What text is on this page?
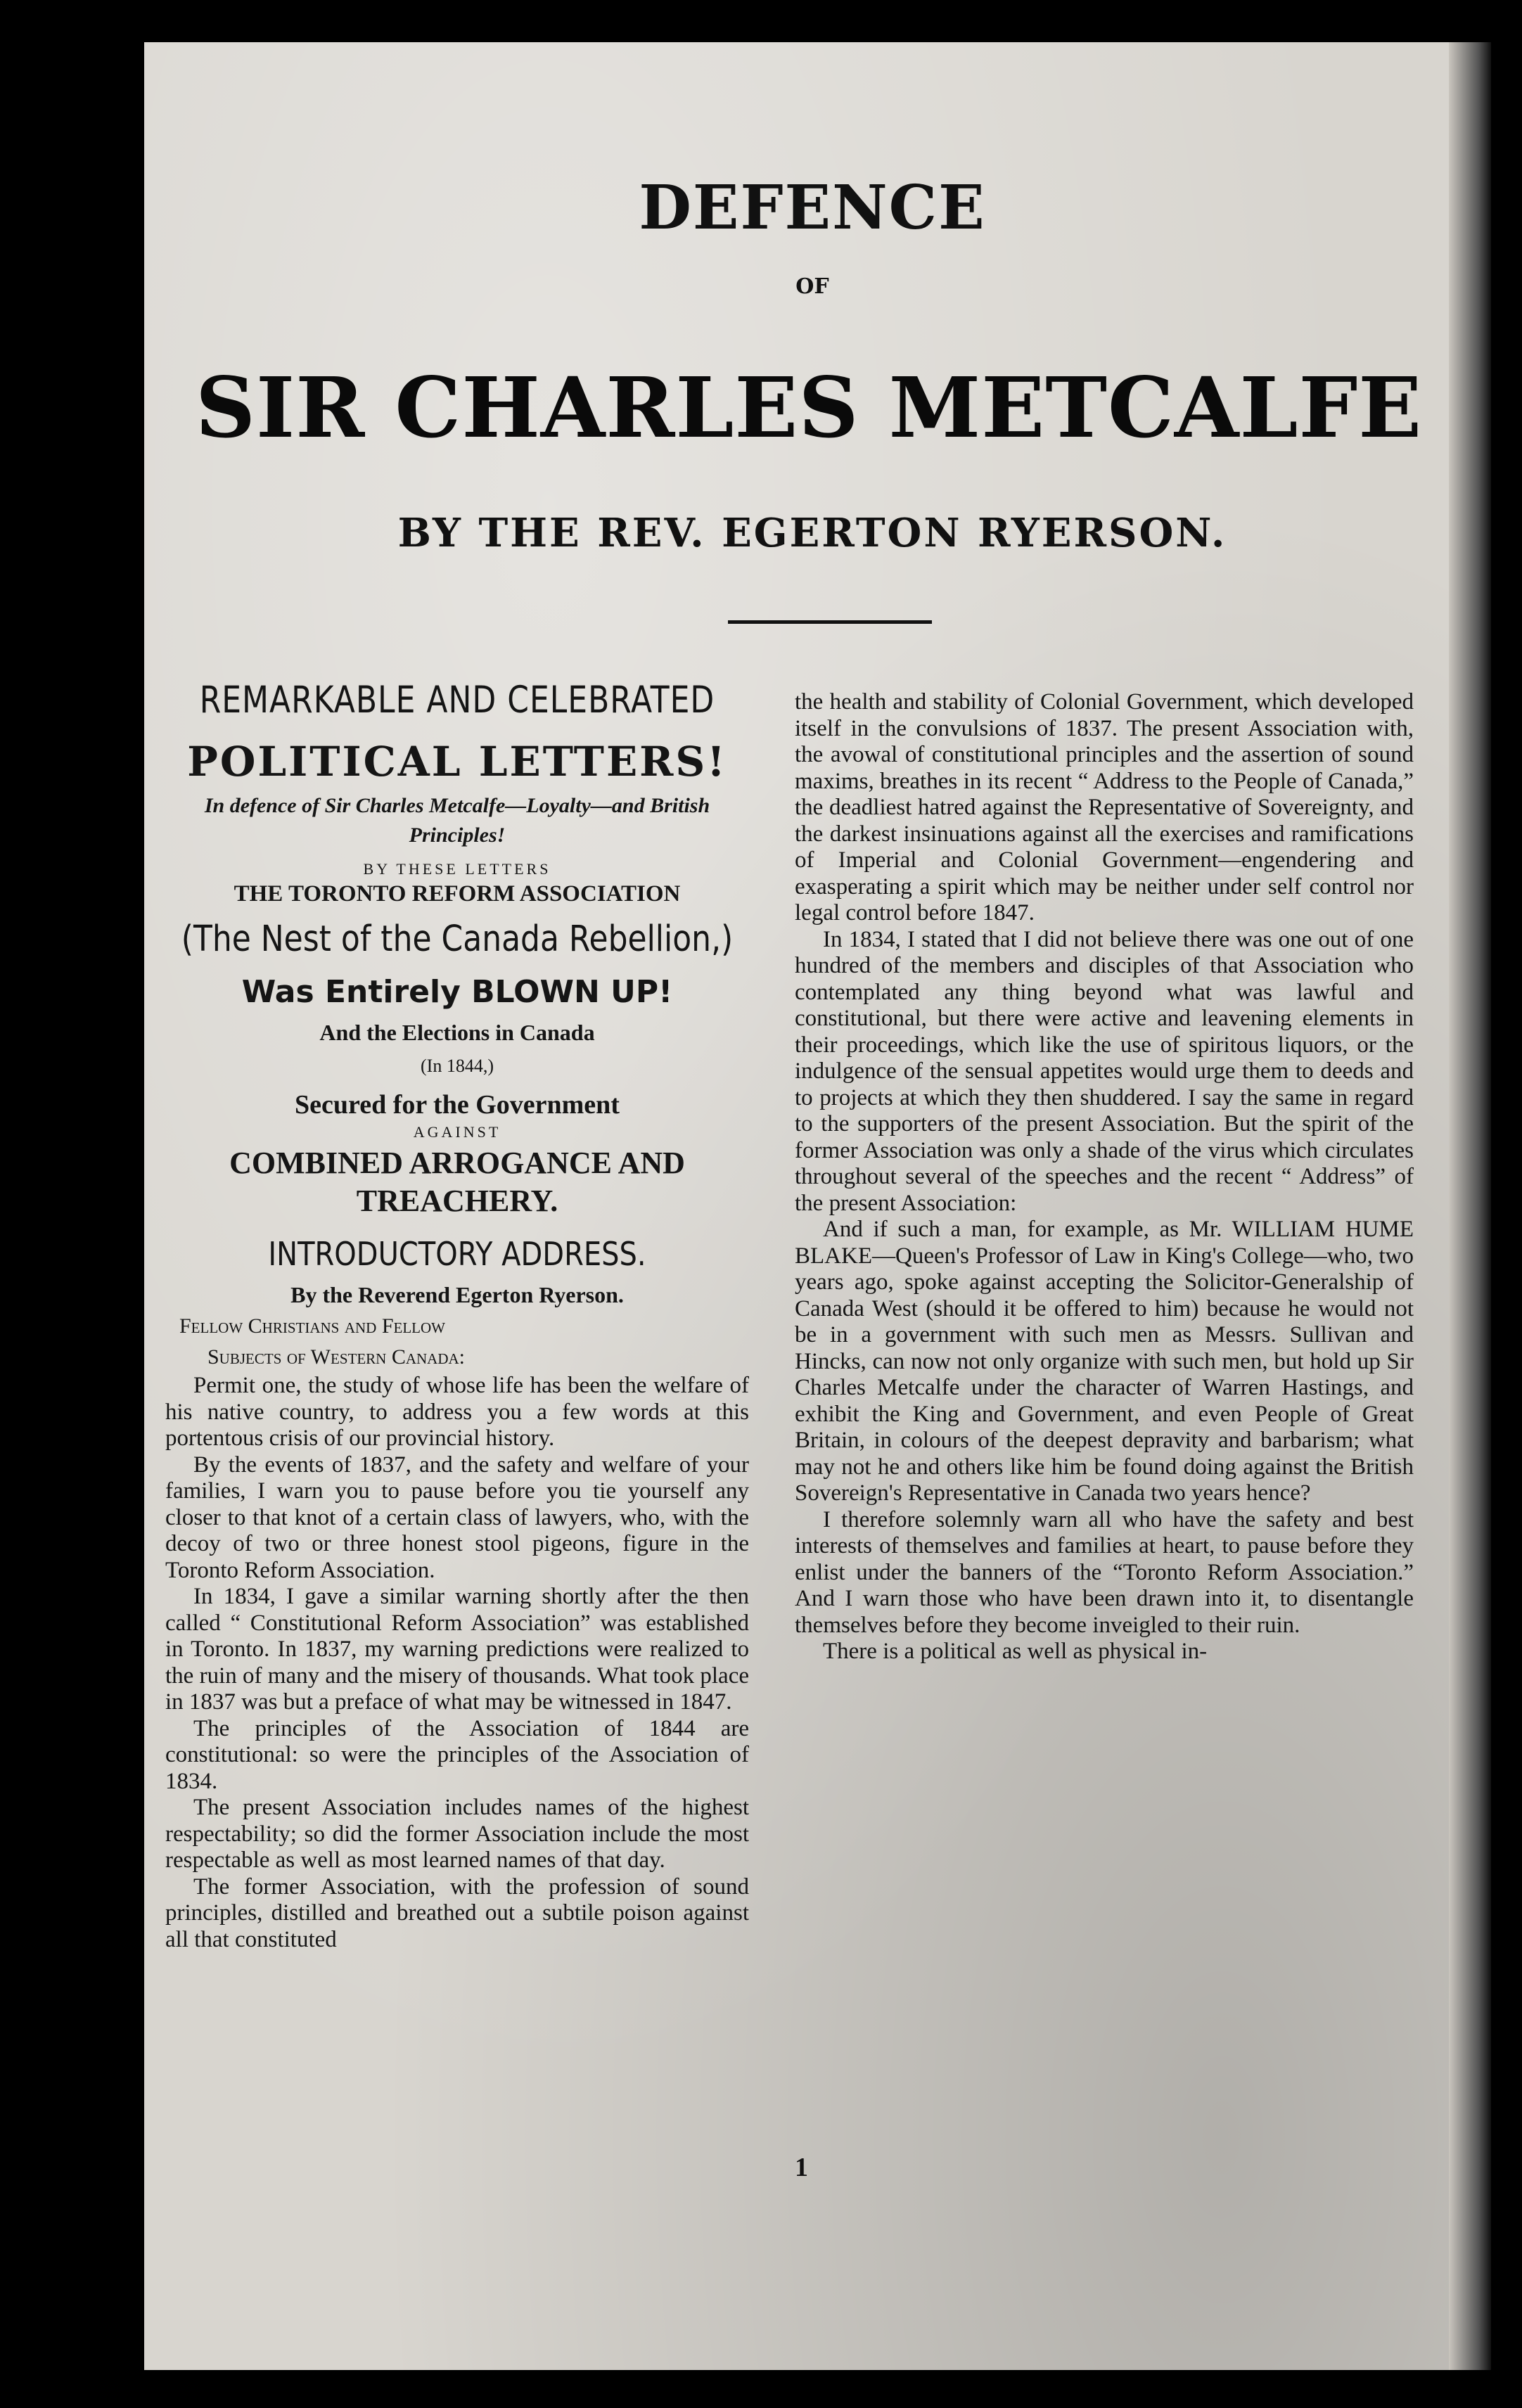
DEFENCE
OF
SIR CHARLES METCALFE
BY THE REV. EGERTON RYERSON.

REMARKABLE AND CELEBRATED

POLITICAL LETTERS!

In defence of Sir Charles Metcalfe—Loyalty—and British Principles!

BY THESE LETTERS

THE TORONTO REFORM ASSOCIATION

(The Nest of the Canada Rebellion,)

Was Entirely BLOWN UP!

And the Elections in Canada

(In 1844,)

Secured for the Government

AGAINST

COMBINED ARROGANCE AND TREACHERY.

INTRODUCTORY ADDRESS.

By the Reverend Egerton Ryerson.

Fellow Christians and Fellow
Subjects of Western Canada:

Permit one, the study of whose life has been the welfare of his native country, to address you a few words at this portentous crisis of our provincial history.

By the events of 1837, and the safety and welfare of your families, I warn you to pause before you tie yourself any closer to that knot of a certain class of lawyers, who, with the decoy of two or three honest stool pigeons, figure in the Toronto Reform Association.

In 1834, I gave a similar warning shortly after the then called “ Constitutional Reform Association” was established in Toronto. In 1837, my warning predictions were realized to the ruin of many and the misery of thousands. What took place in 1837 was but a preface of what may be witnessed in 1847.

The principles of the Association of 1844 are constitutional: so were the principles of the Association of 1834.

The present Association includes names of the highest respectability; so did the former Association include the most respectable as well as most learned names of that day.

The former Association, with the profession of sound principles, distilled and breathed out a subtile poison against all that constituted

the health and stability of Colonial Government, which developed itself in the convulsions of 1837. The present Association with, the avowal of constitutional principles and the assertion of sound maxims, breathes in its recent “ Address to the People of Canada,” the deadliest hatred against the Representative of Sovereignty, and the darkest insinuations against all the exercises and ramifications of Imperial and Colonial Government—engendering and exasperating a spirit which may be neither under self control nor legal control before 1847.

In 1834, I stated that I did not believe there was one out of one hundred of the members and disciples of that Association who contemplated any thing beyond what was lawful and constitutional, but there were active and leavening elements in their proceedings, which like the use of spiritous liquors, or the indulgence of the sensual appetites would urge them to deeds and to projects at which they then shuddered. I say the same in regard to the supporters of the present Association. But the spirit of the former Association was only a shade of the virus which circulates throughout several of the speeches and the recent “ Address” of the present Association:

And if such a man, for example, as Mr. WILLIAM HUME BLAKE—Queen's Professor of Law in King's College—who, two years ago, spoke against accepting the Solicitor-Generalship of Canada West (should it be offered to him) because he would not be in a government with such men as Messrs. Sullivan and Hincks, can now not only organize with such men, but hold up Sir Charles Metcalfe under the character of Warren Hastings, and exhibit the King and Government, and even People of Great Britain, in colours of the deepest depravity and barbarism; what may not he and others like him be found doing against the British Sovereign's Representative in Canada two years hence?

I therefore solemnly warn all who have the safety and best interests of themselves and families at heart, to pause before they enlist under the banners of the “Toronto Reform Association.” And I warn those who have been drawn into it, to disentangle themselves before they become inveigled to their ruin.

There is a political as well as physical in-

1
